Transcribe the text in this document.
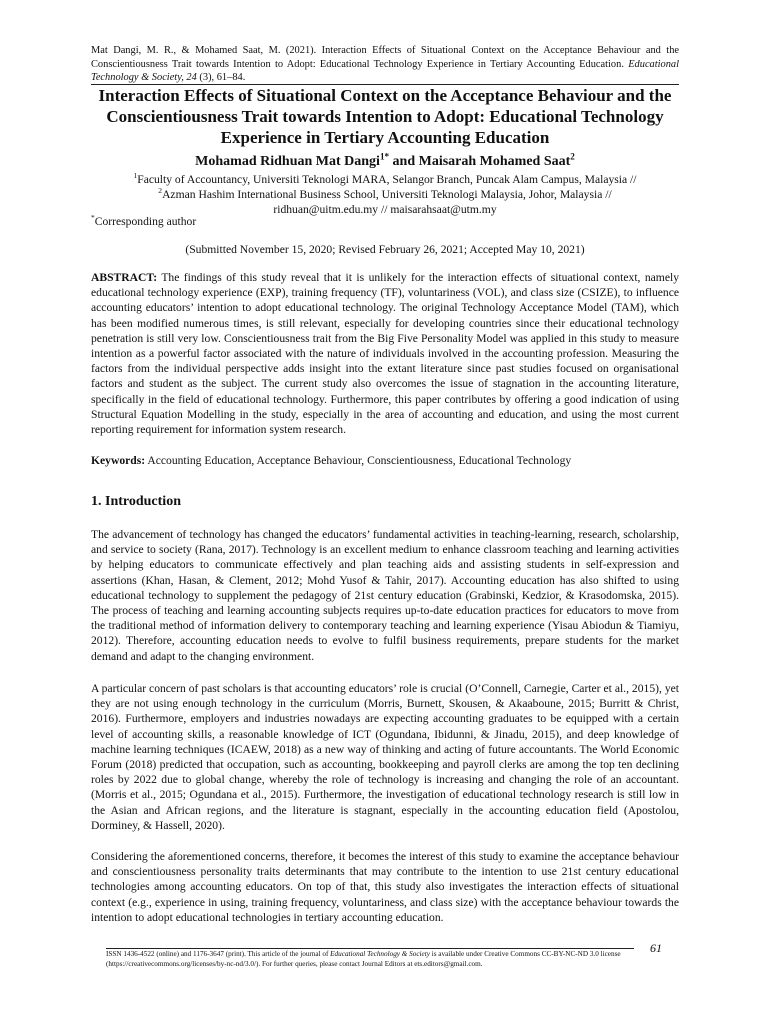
Mat Dangi, M. R., & Mohamed Saat, M. (2021). Interaction Effects of Situational Context on the Acceptance Behaviour and the Conscientiousness Trait towards Intention to Adopt: Educational Technology Experience in Tertiary Accounting Education. Educational Technology & Society, 24 (3), 61–84.
Interaction Effects of Situational Context on the Acceptance Behaviour and the Conscientiousness Trait towards Intention to Adopt: Educational Technology Experience in Tertiary Accounting Education
Mohamad Ridhuan Mat Dangi$^{1*}$ and Maisarah Mohamed Saat$^2$
$^1$Faculty of Accountancy, Universiti Teknologi MARA, Selangor Branch, Puncak Alam Campus, Malaysia //
$^2$Azman Hashim International Business School, Universiti Teknologi Malaysia, Johor, Malaysia //
ridhuan@uitm.edu.my // maisarahsaat@utm.my
*Corresponding author
(Submitted November 15, 2020; Revised February 26, 2021; Accepted May 10, 2021)

ABSTRACT: The findings of this study reveal that it is unlikely for the interaction effects of situational context, namely educational technology experience (EXP), training frequency (TF), voluntariness (VOL), and class size (CSIZE), to influence accounting educators’ intention to adopt educational technology. The original Technology Acceptance Model (TAM), which has been modified numerous times, is still relevant, especially for developing countries since their educational technology penetration is still very low. Conscientiousness trait from the Big Five Personality Model was applied in this study to measure intention as a powerful factor associated with the nature of individuals involved in the accounting profession. Measuring the factors from the individual perspective adds insight into the extant literature since past studies focused on organisational factors and student as the subject. The current study also overcomes the issue of stagnation in the accounting literature, specifically in the field of educational technology. Furthermore, this paper contributes by offering a good indication of using Structural Equation Modelling in the study, especially in the area of accounting and education, and using the most current reporting requirement for information system research.

Keywords: Accounting Education, Acceptance Behaviour, Conscientiousness, Educational Technology
1. Introduction

The advancement of technology has changed the educators’ fundamental activities in teaching-learning, research, scholarship, and service to society (Rana, 2017). Technology is an excellent medium to enhance classroom teaching and learning activities by helping educators to communicate effectively and plan teaching aids and assisting students in self-expression and assertions (Khan, Hasan, & Clement, 2012; Mohd Yusof & Tahir, 2017). Accounting education has also shifted to using educational technology to supplement the pedagogy of 21st century education (Grabinski, Kedzior, & Krasodomska, 2015). The process of teaching and learning accounting subjects requires up-to-date education practices for educators to move from the traditional method of information delivery to contemporary teaching and learning experience (Yisau Abiodun & Tiamiyu, 2012). Therefore, accounting education needs to evolve to fulfil business requirements, prepare students for the market demand and adapt to the changing environment.

A particular concern of past scholars is that accounting educators’ role is crucial (O’Connell, Carnegie, Carter et al., 2015), yet they are not using enough technology in the curriculum (Morris, Burnett, Skousen, & Akaaboune, 2015; Burritt & Christ, 2016). Furthermore, employers and industries nowadays are expecting accounting graduates to be equipped with a certain level of accounting skills, a reasonable knowledge of ICT (Ogundana, Ibidunni, & Jinadu, 2015), and deep knowledge of machine learning techniques (ICAEW, 2018) as a new way of thinking and acting of future accountants. The World Economic Forum (2018) predicted that occupation, such as accounting, bookkeeping and payroll clerks are among the top ten declining roles by 2022 due to global change, whereby the role of technology is increasing and changing the role of an accountant. (Morris et al., 2015; Ogundana et al., 2015). Furthermore, the investigation of educational technology research is still low in the Asian and African regions, and the literature is stagnant, especially in the accounting education field (Apostolou, Dorminey, & Hassell, 2020).

Considering the aforementioned concerns, therefore, it becomes the interest of this study to examine the acceptance behaviour and conscientiousness personality traits determinants that may contribute to the intention to use 21st century educational technologies among accounting educators. On top of that, this study also investigates the interaction effects of situational context (e.g., experience in using, training frequency, voluntariness, and class size) with the acceptance behaviour towards the intention to adopt educational technologies in tertiary accounting education.

ISSN 1436-4522 (online) and 1176-3647 (print). This article of the journal of Educational Technology & Society is available under Creative Commons CC-BY-NC-ND 3.0 license (https://creativecommons.org/licenses/by-nc-nd/3.0/). For further queries, please contact Journal Editors at ets.editors@gmail.com.
61
